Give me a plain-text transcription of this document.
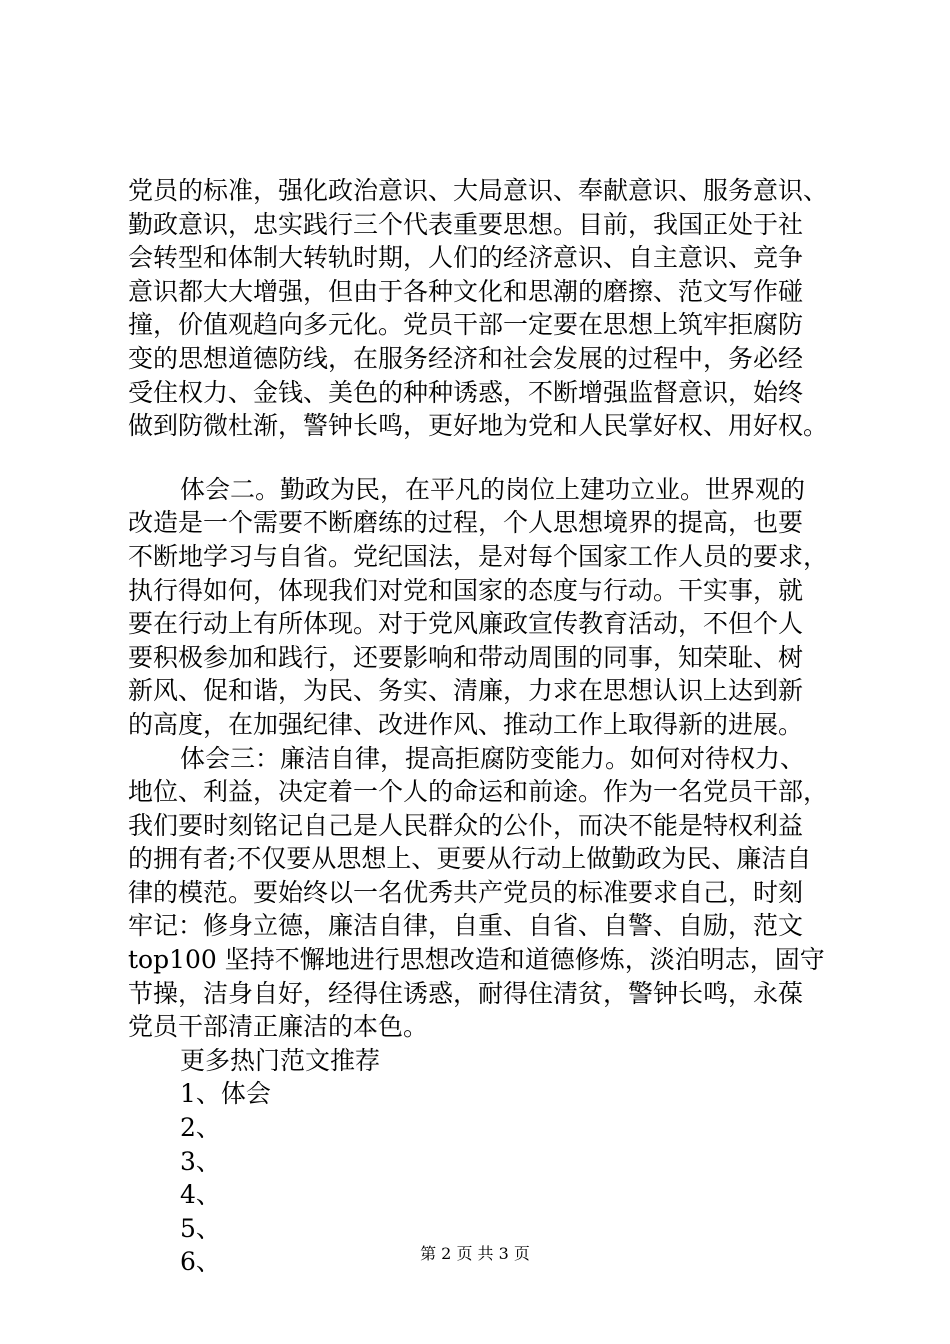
党员的标准，强化政治意识、大局意识、奉献意识、服务意识、
勤政意识，忠实践行三个代表重要思想。目前，我国正处于社
会转型和体制大转轨时期，人们的经济意识、自主意识、竞争
意识都大大增强，但由于各种文化和思潮的磨擦、范文写作碰
撞，价值观趋向多元化。党员干部一定要在思想上筑牢拒腐防
变的思想道德防线，在服务经济和社会发展的过程中，务必经
受住权力、金钱、美色的种种诱惑，不断增强监督意识，始终
做到防微杜渐，警钟长鸣，更好地为党和人民掌好权、用好权。
体会二。勤政为民，在平凡的岗位上建功立业。世界观的
改造是一个需要不断磨练的过程，个人思想境界的提高，也要
不断地学习与自省。党纪国法，是对每个国家工作人员的要求，
执行得如何，体现我们对党和国家的态度与行动。干实事，就
要在行动上有所体现。对于党风廉政宣传教育活动，不但个人
要积极参加和践行，还要影响和带动周围的同事，知荣耻、树
新风、促和谐，为民、务实、清廉，力求在思想认识上达到新
的高度，在加强纪律、改进作风、推动工作上取得新的进展。
体会三：廉洁自律，提高拒腐防变能力。如何对待权力、
地位、利益，决定着一个人的命运和前途。作为一名党员干部，
我们要时刻铭记自己是人民群众的公仆，而决不能是特权利益
的拥有者;不仅要从思想上、更要从行动上做勤政为民、廉洁自
律的模范。要始终以一名优秀共产党员的标准要求自己，时刻
牢记：修身立德，廉洁自律，自重、自省、自警、自励，范文
top100 坚持不懈地进行思想改造和道德修炼，淡泊明志，固守
节操，洁身自好，经得住诱惑，耐得住清贫，警钟长鸣，永葆
党员干部清正廉洁的本色。
更多热门范文推荐
1、体会
2、
3、
4、
5、
6、	第 2 页 共 3 页
